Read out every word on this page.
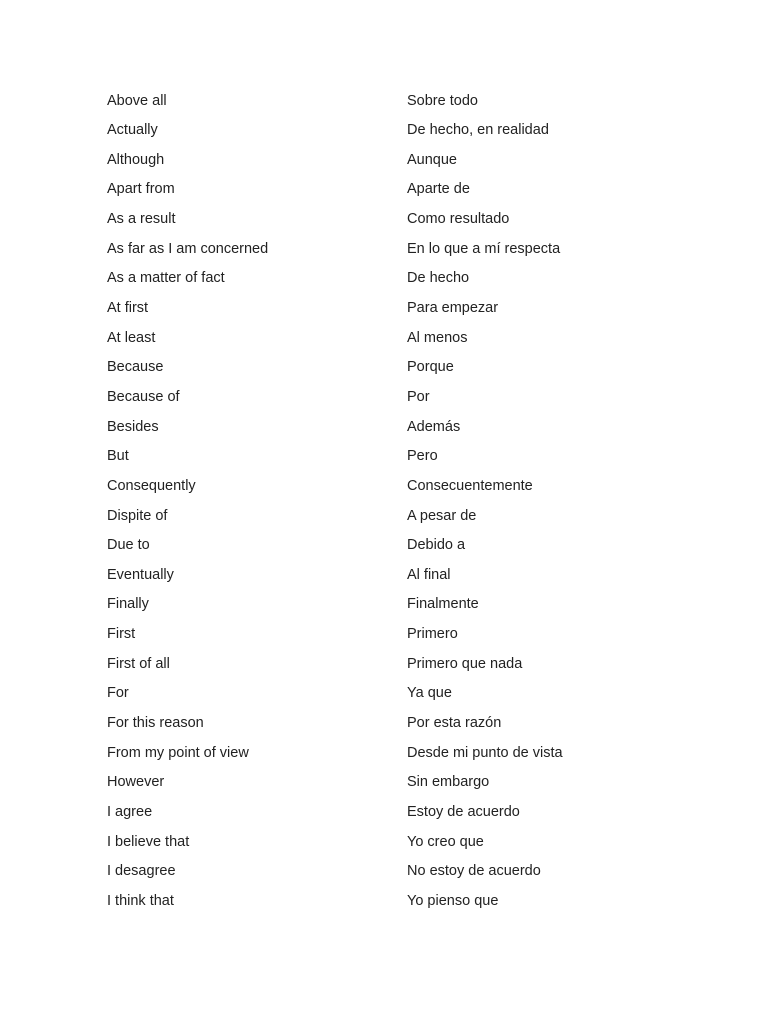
Above all	Sobre todo
Actually	De hecho, en realidad
Although	Aunque
Apart from	Aparte de
As a result	Como resultado
As far as I am concerned	En lo que a mí respecta
As a matter of fact	De hecho
At first	Para empezar
At least	Al menos
Because	Porque
Because of	Por
Besides	Además
But	Pero
Consequently	Consecuentemente
Dispite of	A pesar de
Due to	Debido a
Eventually	Al final
Finally	Finalmente
First	Primero
First of all	Primero que nada
For	Ya que
For this reason	Por esta razón
From my point of view	Desde mi punto de vista
However	Sin embargo
I agree	Estoy de acuerdo
I believe that	Yo creo que
I desagree	No estoy de acuerdo
I think that	Yo pienso que
